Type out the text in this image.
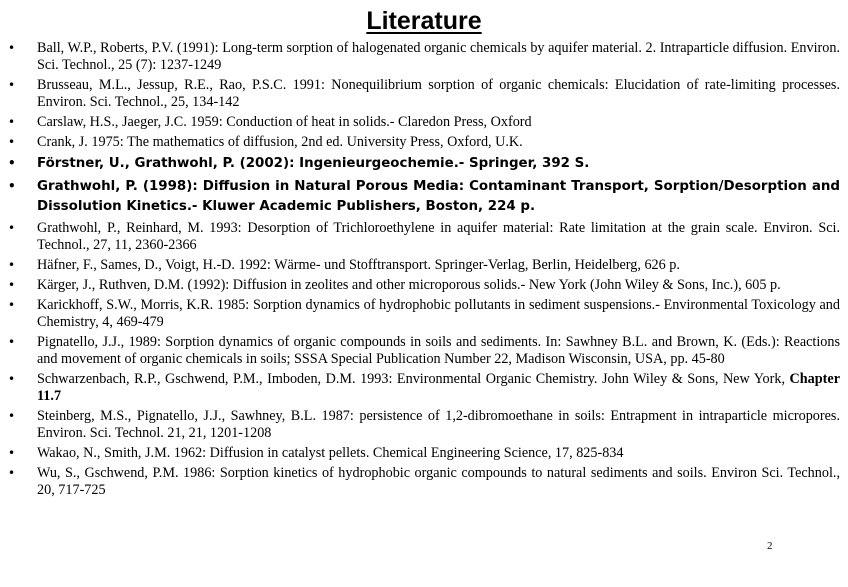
Literature
• Ball, W.P., Roberts, P.V. (1991): Long-term sorption of halogenated organic chemicals by aquifer material. 2. Intraparticle diffusion. Environ. Sci. Technol., 25 (7): 1237-1249
• Brusseau, M.L., Jessup, R.E., Rao, P.S.C. 1991: Nonequilibrium sorption of organic chemicals: Elucidation of rate-limiting processes. Environ. Sci. Technol., 25, 134-142
• Carslaw, H.S., Jaeger, J.C. 1959: Conduction of heat in solids.- Claredon Press, Oxford
• Crank, J. 1975: The mathematics of diffusion, 2nd ed. University Press, Oxford, U.K.
• Förstner, U., Grathwohl, P. (2002): Ingenieurgeochemie.- Springer, 392 S.
• Grathwohl, P. (1998): Diffusion in Natural Porous Media: Contaminant Transport, Sorption/Desorption and Dissolution Kinetics.- Kluwer Academic Publishers, Boston, 224 p.
• Grathwohl, P., Reinhard, M. 1993: Desorption of Trichloroethylene in aquifer material: Rate limitation at the grain scale. Environ. Sci. Technol., 27, 11, 2360-2366
• Häfner, F., Sames, D., Voigt, H.-D. 1992: Wärme- und Stofftransport. Springer-Verlag, Berlin, Heidelberg, 626 p.
• Kärger, J., Ruthven, D.M. (1992): Diffusion in zeolites and other microporous solids.- New York (John Wiley & Sons, Inc.), 605 p.
• Karickhoff, S.W., Morris, K.R. 1985: Sorption dynamics of hydrophobic pollutants in sediment suspensions.- Environmental Toxicology and Chemistry, 4, 469-479
• Pignatello, J.J., 1989: Sorption dynamics of organic compounds in soils and sediments. In: Sawhney B.L. and Brown, K. (Eds.): Reactions and movement of organic chemicals in soils; SSSA Special Publication Number 22, Madison Wisconsin, USA, pp. 45-80
• Schwarzenbach, R.P., Gschwend, P.M., Imboden, D.M. 1993: Environmental Organic Chemistry. John Wiley & Sons, New York, Chapter 11.7
• Steinberg, M.S., Pignatello, J.J., Sawhney, B.L. 1987: persistence of 1,2-dibromoethane in soils: Entrapment in intraparticle micropores. Environ. Sci. Technol. 21, 21, 1201-1208
• Wakao, N., Smith, J.M. 1962: Diffusion in catalyst pellets. Chemical Engineering Science, 17, 825-834
• Wu, S., Gschwend, P.M. 1986: Sorption kinetics of hydrophobic organic compounds to natural sediments and soils. Environ Sci. Technol., 20, 717-725
2
